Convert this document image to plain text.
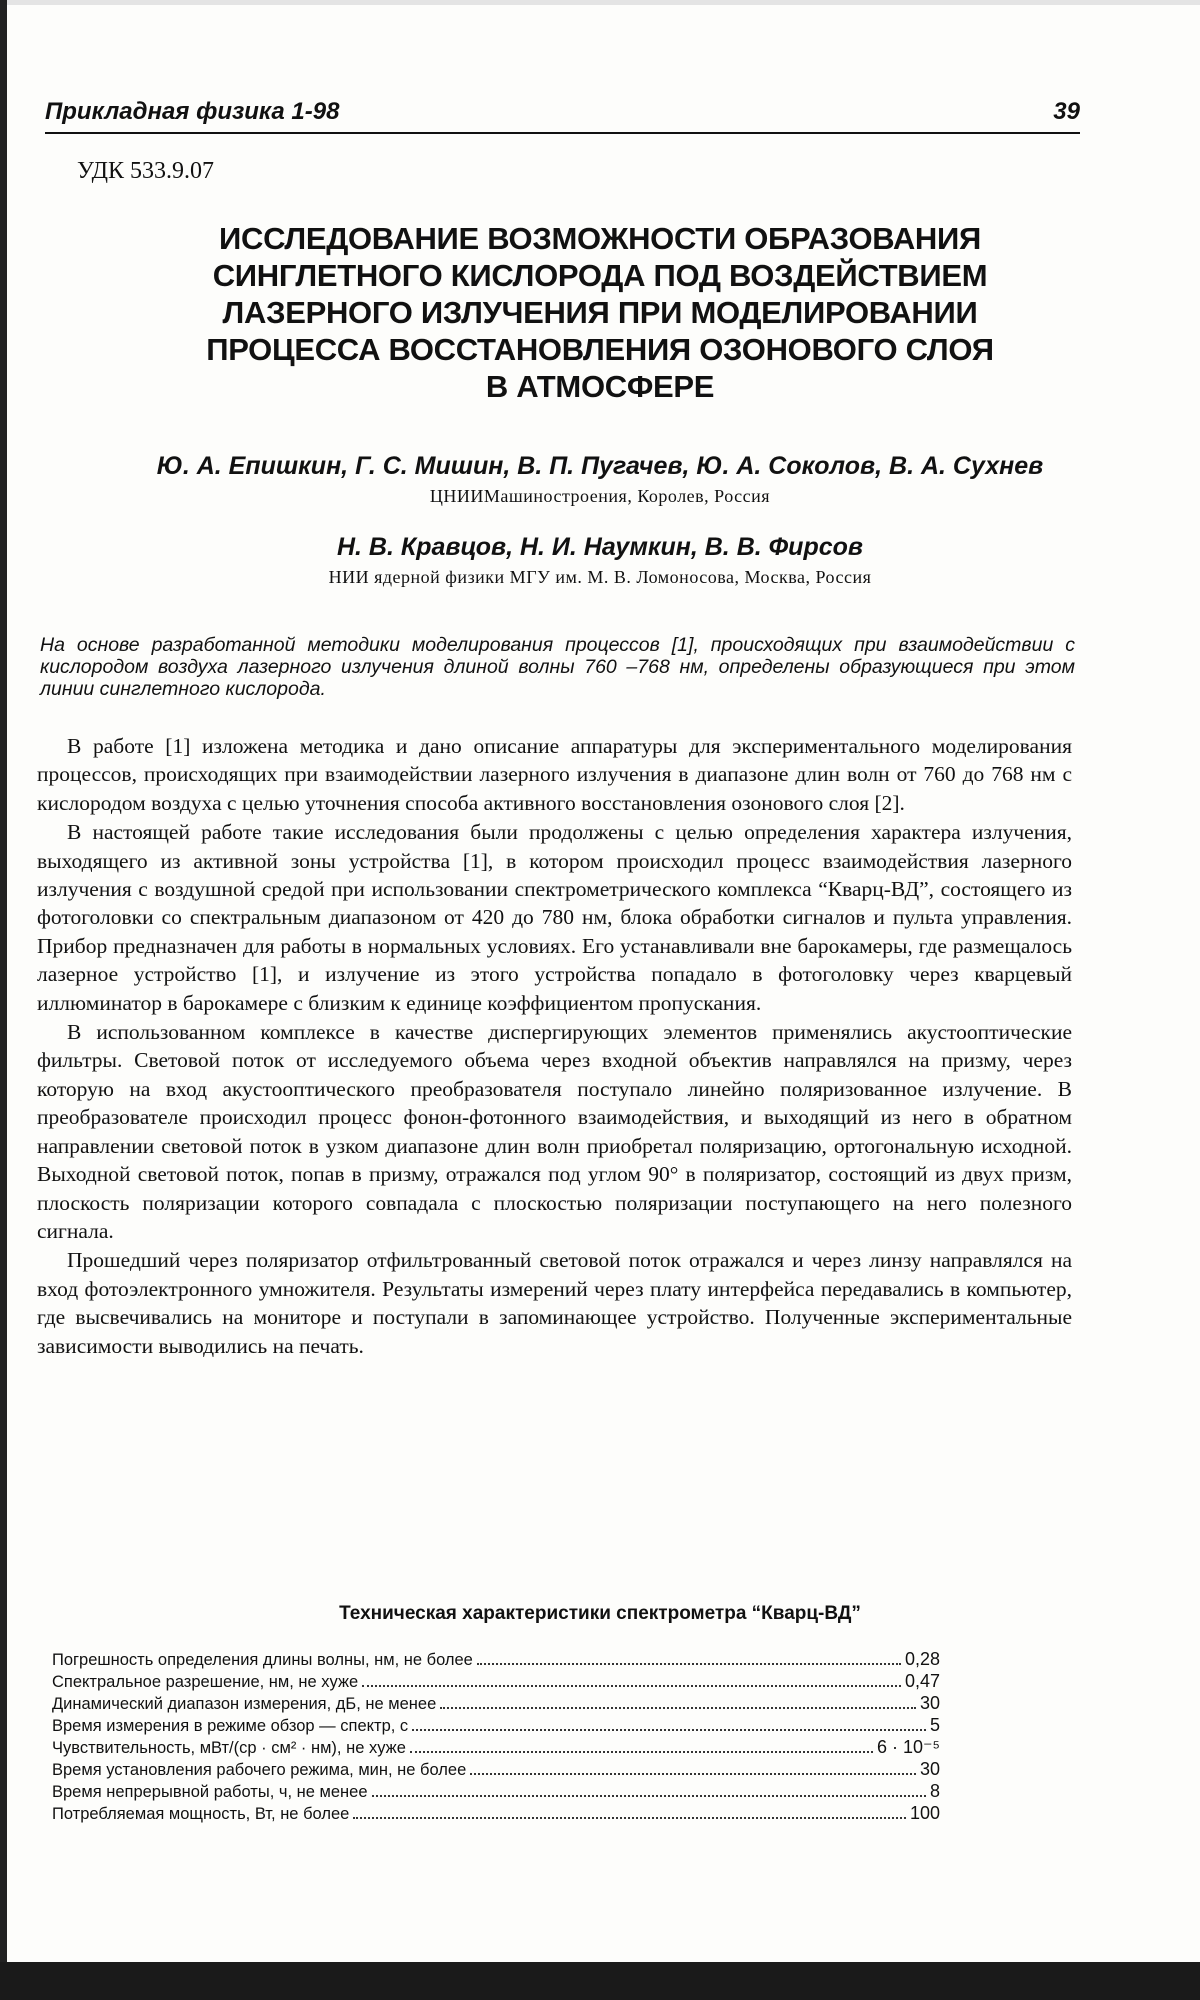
Прикладная физика 1-98	39
УДК 533.9.07
ИССЛЕДОВАНИЕ ВОЗМОЖНОСТИ ОБРАЗОВАНИЯ
СИНГЛЕТНОГО КИСЛОРОДА ПОД ВОЗДЕЙСТВИЕМ
ЛАЗЕРНОГО ИЗЛУЧЕНИЯ ПРИ МОДЕЛИРОВАНИИ
ПРОЦЕССА ВОССТАНОВЛЕНИЯ ОЗОНОВОГО СЛОЯ
В АТМОСФЕРЕ
Ю. А. Епишкин, Г. С. Мишин, В. П. Пугачев, Ю. А. Соколов, В. А. Сухнев
ЦНИИМашиностроения, Королев, Россия
Н. В. Кравцов, Н. И. Наумкин, В. В. Фирсов
НИИ ядерной физики МГУ им. М. В. Ломоносова, Москва, Россия
На основе разработанной методики моделирования процессов [1], происходящих при взаимодействии с кислородом воздуха лазерного излучения длиной волны 760 –768 нм, определены образующиеся при этом линии синглетного кислорода.

В работе [1] изложена методика и дано описание аппаратуры для экспериментального моделирования процессов, происходящих при взаимодействии лазерного излучения в диапазоне длин волн от 760 до 768 нм с кислородом воздуха с целью уточнения способа активного восстановления озонового слоя [2].

В настоящей работе такие исследования были продолжены с целью определения характера излучения, выходящего из активной зоны устройства [1], в котором происходил процесс взаимодействия лазерного излучения с воздушной средой при использовании спектрометрического комплекса “Кварц-ВД”, состоящего из фотоголовки со спектральным диапазоном от 420 до 780 нм, блока обработки сигналов и пульта управления. Прибор предназначен для работы в нормальных условиях. Его устанавливали вне барокамеры, где размещалось лазерное устройство [1], и излучение из этого устройства попадало в фотоголовку через кварцевый иллюминатор в барокамере с близким к единице коэффициентом пропускания.

В использованном комплексе в качестве диспергирующих элементов применялись акустооптические фильтры. Световой поток от исследуемого объема через входной объектив направлялся на призму, через которую на вход акустооптического преобразователя поступало линейно поляризованное излучение. В преобразователе происходил процесс фонон-фотонного взаимодействия, и выходящий из него в обратном направлении световой поток в узком диапазоне длин волн приобретал поляризацию, ортогональную исходной. Выходной световой поток, попав в призму, отражался под углом 90° в поляризатор, состоящий из двух призм, плоскость поляризации которого совпадала с плоскостью поляризации поступающего на него полезного сигнала.

Прошедший через поляризатор отфильтрованный световой поток отражался и через линзу направлялся на вход фотоэлектронного умножителя. Результаты измерений через плату интерфейса передавались в компьютер, где высвечивались на мониторе и поступали в запоминающее устройство. Полученные экспериментальные зависимости выводились на печать.

Техническая характеристики спектрометра “Кварц-ВД”
Погрешность определения длины волны, нм, не более	0,28
Спектральное разрешение, нм, не хуже	0,47
Динамический диапазон измерения, дБ, не менее	30
Время измерения в режиме обзор — спектр, с	5
Чувствительность, мВт/(ср · см² · нм), не хуже	6 · 10⁻⁵
Время установления рабочего режима, мин, не более	30
Время непрерывной работы, ч, не менее	8
Потребляемая мощность, Вт, не более	100
